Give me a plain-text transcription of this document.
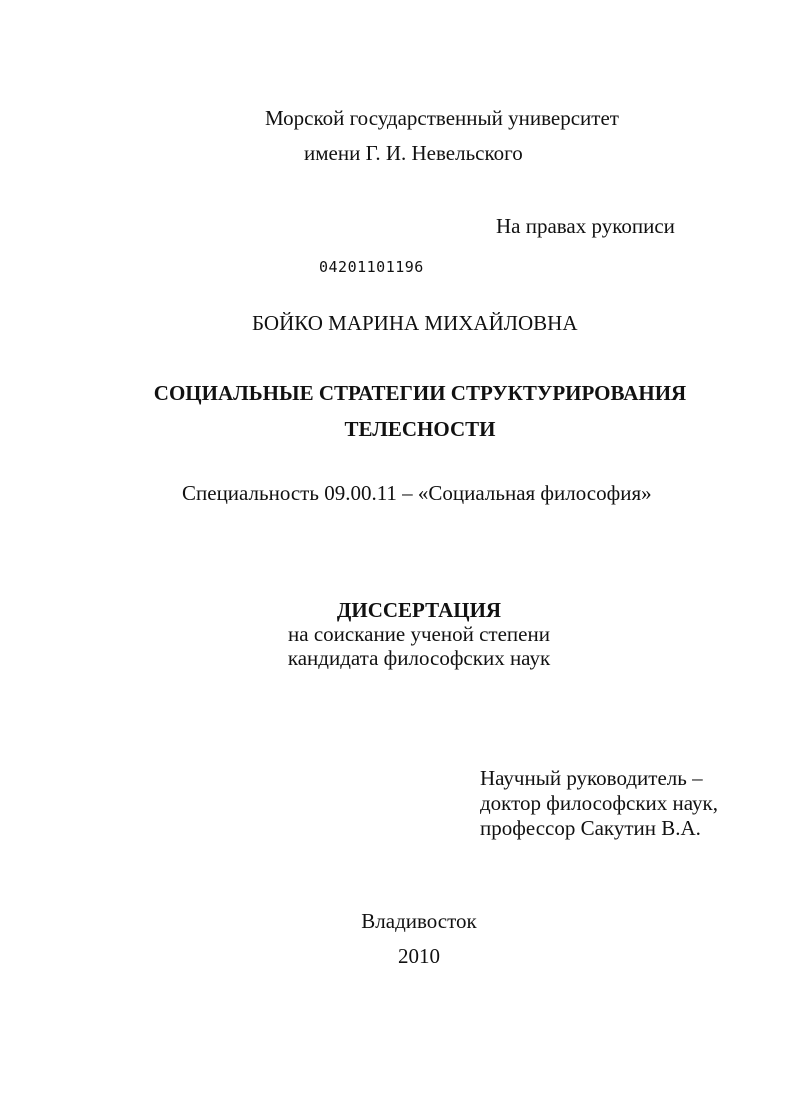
Морской государственный университет
имени Г. И. Невельского
На правах рукописи
04201101196
БОЙКО МАРИНА МИХАЙЛОВНА
СОЦИАЛЬНЫЕ СТРАТЕГИИ СТРУКТУРИРОВАНИЯ
ТЕЛЕСНОСТИ
Специальность 09.00.11 – «Социальная философия»
ДИССЕРТАЦИЯ
на соискание ученой степени
кандидата философских наук
Научный руководитель –
доктор философских наук,
профессор Сакутин В.А.
Владивосток
2010
